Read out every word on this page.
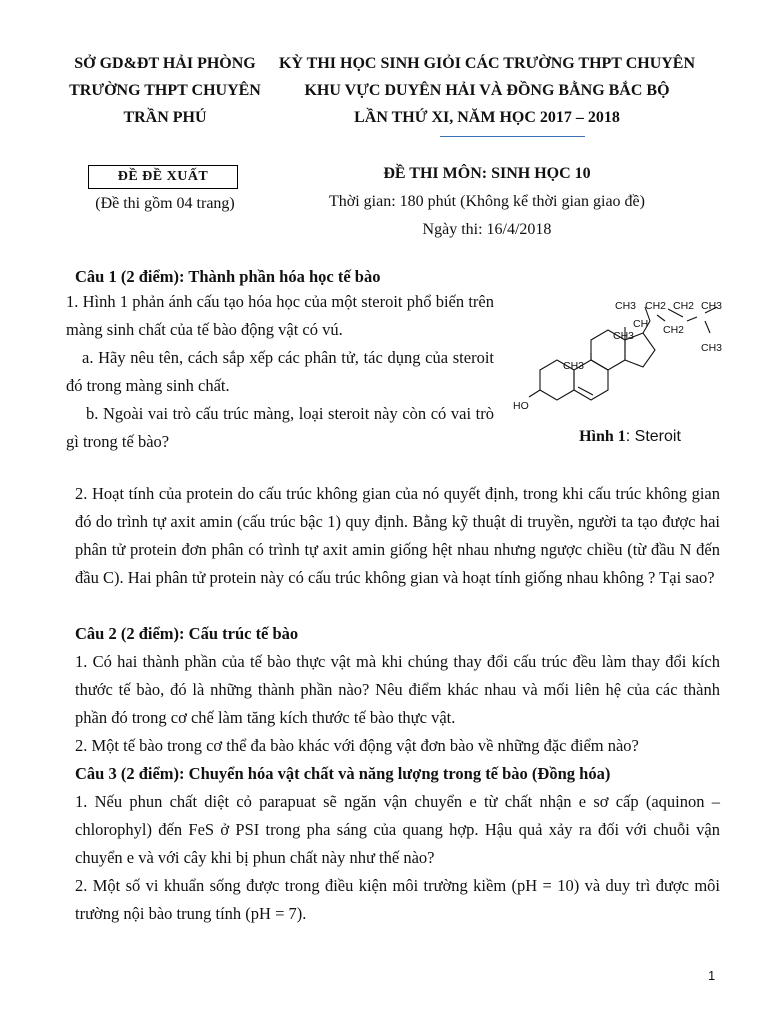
SỞ GD&ĐT HẢI PHÒNG
TRƯỜNG THPT CHUYÊN
TRẦN PHÚ
KỲ THI HỌC SINH GIỎI CÁC TRƯỜNG THPT CHUYÊN
KHU VỰC DUYÊN HẢI VÀ ĐỒNG BẰNG BẮC BỘ
LẦN THỨ XI, NĂM HỌC 2017 – 2018
ĐỀ ĐỀ XUẤT
(Đề thi gồm 04 trang)
ĐỀ THI MÔN: SINH HỌC 10
Thời gian: 180 phút (Không kể thời gian giao đề)
Ngày thi: 16/4/2018

Câu 1 (2 điểm): Thành phần hóa học tế bào

1. Hình 1 phản ánh cấu tạo hóa học của một steroit phổ biến trên màng sinh chất của tế bào động vật có vú.

a. Hãy nêu tên, cách sắp xếp các phân tử, tác dụng của steroit đó trong màng sinh chất.

b. Ngoài vai trò cấu trúc màng, loại steroit này còn có vai trò gì trong tế bào?

CH3
CH
CH2
CH2
CH2 CH3
CH3
CH3
CH3
HO
Hình 1: Steroit

2. Hoạt tính của protein do cấu trúc không gian của nó quyết định, trong khi cấu trúc không gian đó do trình tự axit amin (cấu trúc bậc 1) quy định. Bằng kỹ thuật di truyền, người ta tạo được hai phân tử protein đơn phân có trình tự axit amin giống hệt nhau nhưng ngược chiều (từ đầu N đến đầu C). Hai phân tử protein này có cấu trúc không gian và hoạt tính giống nhau không ? Tại sao?

Câu 2 (2 điểm): Cấu trúc tế bào

1. Có hai thành phần của tế bào thực vật mà khi chúng thay đổi cấu trúc đều làm thay đổi kích thước tế bào, đó là những thành phần nào? Nêu điểm khác nhau và mối liên hệ của các thành phần đó trong cơ chế làm tăng kích thước tế bào thực vật.

2. Một tế bào trong cơ thể đa bào khác với động vật đơn bào về những đặc điểm nào?

Câu 3 (2 điểm): Chuyển hóa vật chất và năng lượng trong tế bào (Đồng hóa)

1. Nếu phun chất diệt cỏ parapuat sẽ ngăn vận chuyển e từ chất nhận e sơ cấp (aquinon – chlorophyl) đến FeS ở PSI trong pha sáng của quang hợp. Hậu quả xảy ra đối với chuỗi vận chuyển e và với cây khi bị phun chất này như thế nào?

2. Một số vi khuẩn sống được trong điều kiện môi trường kiềm (pH = 10) và duy trì được môi trường nội bào trung tính (pH = 7).

1
